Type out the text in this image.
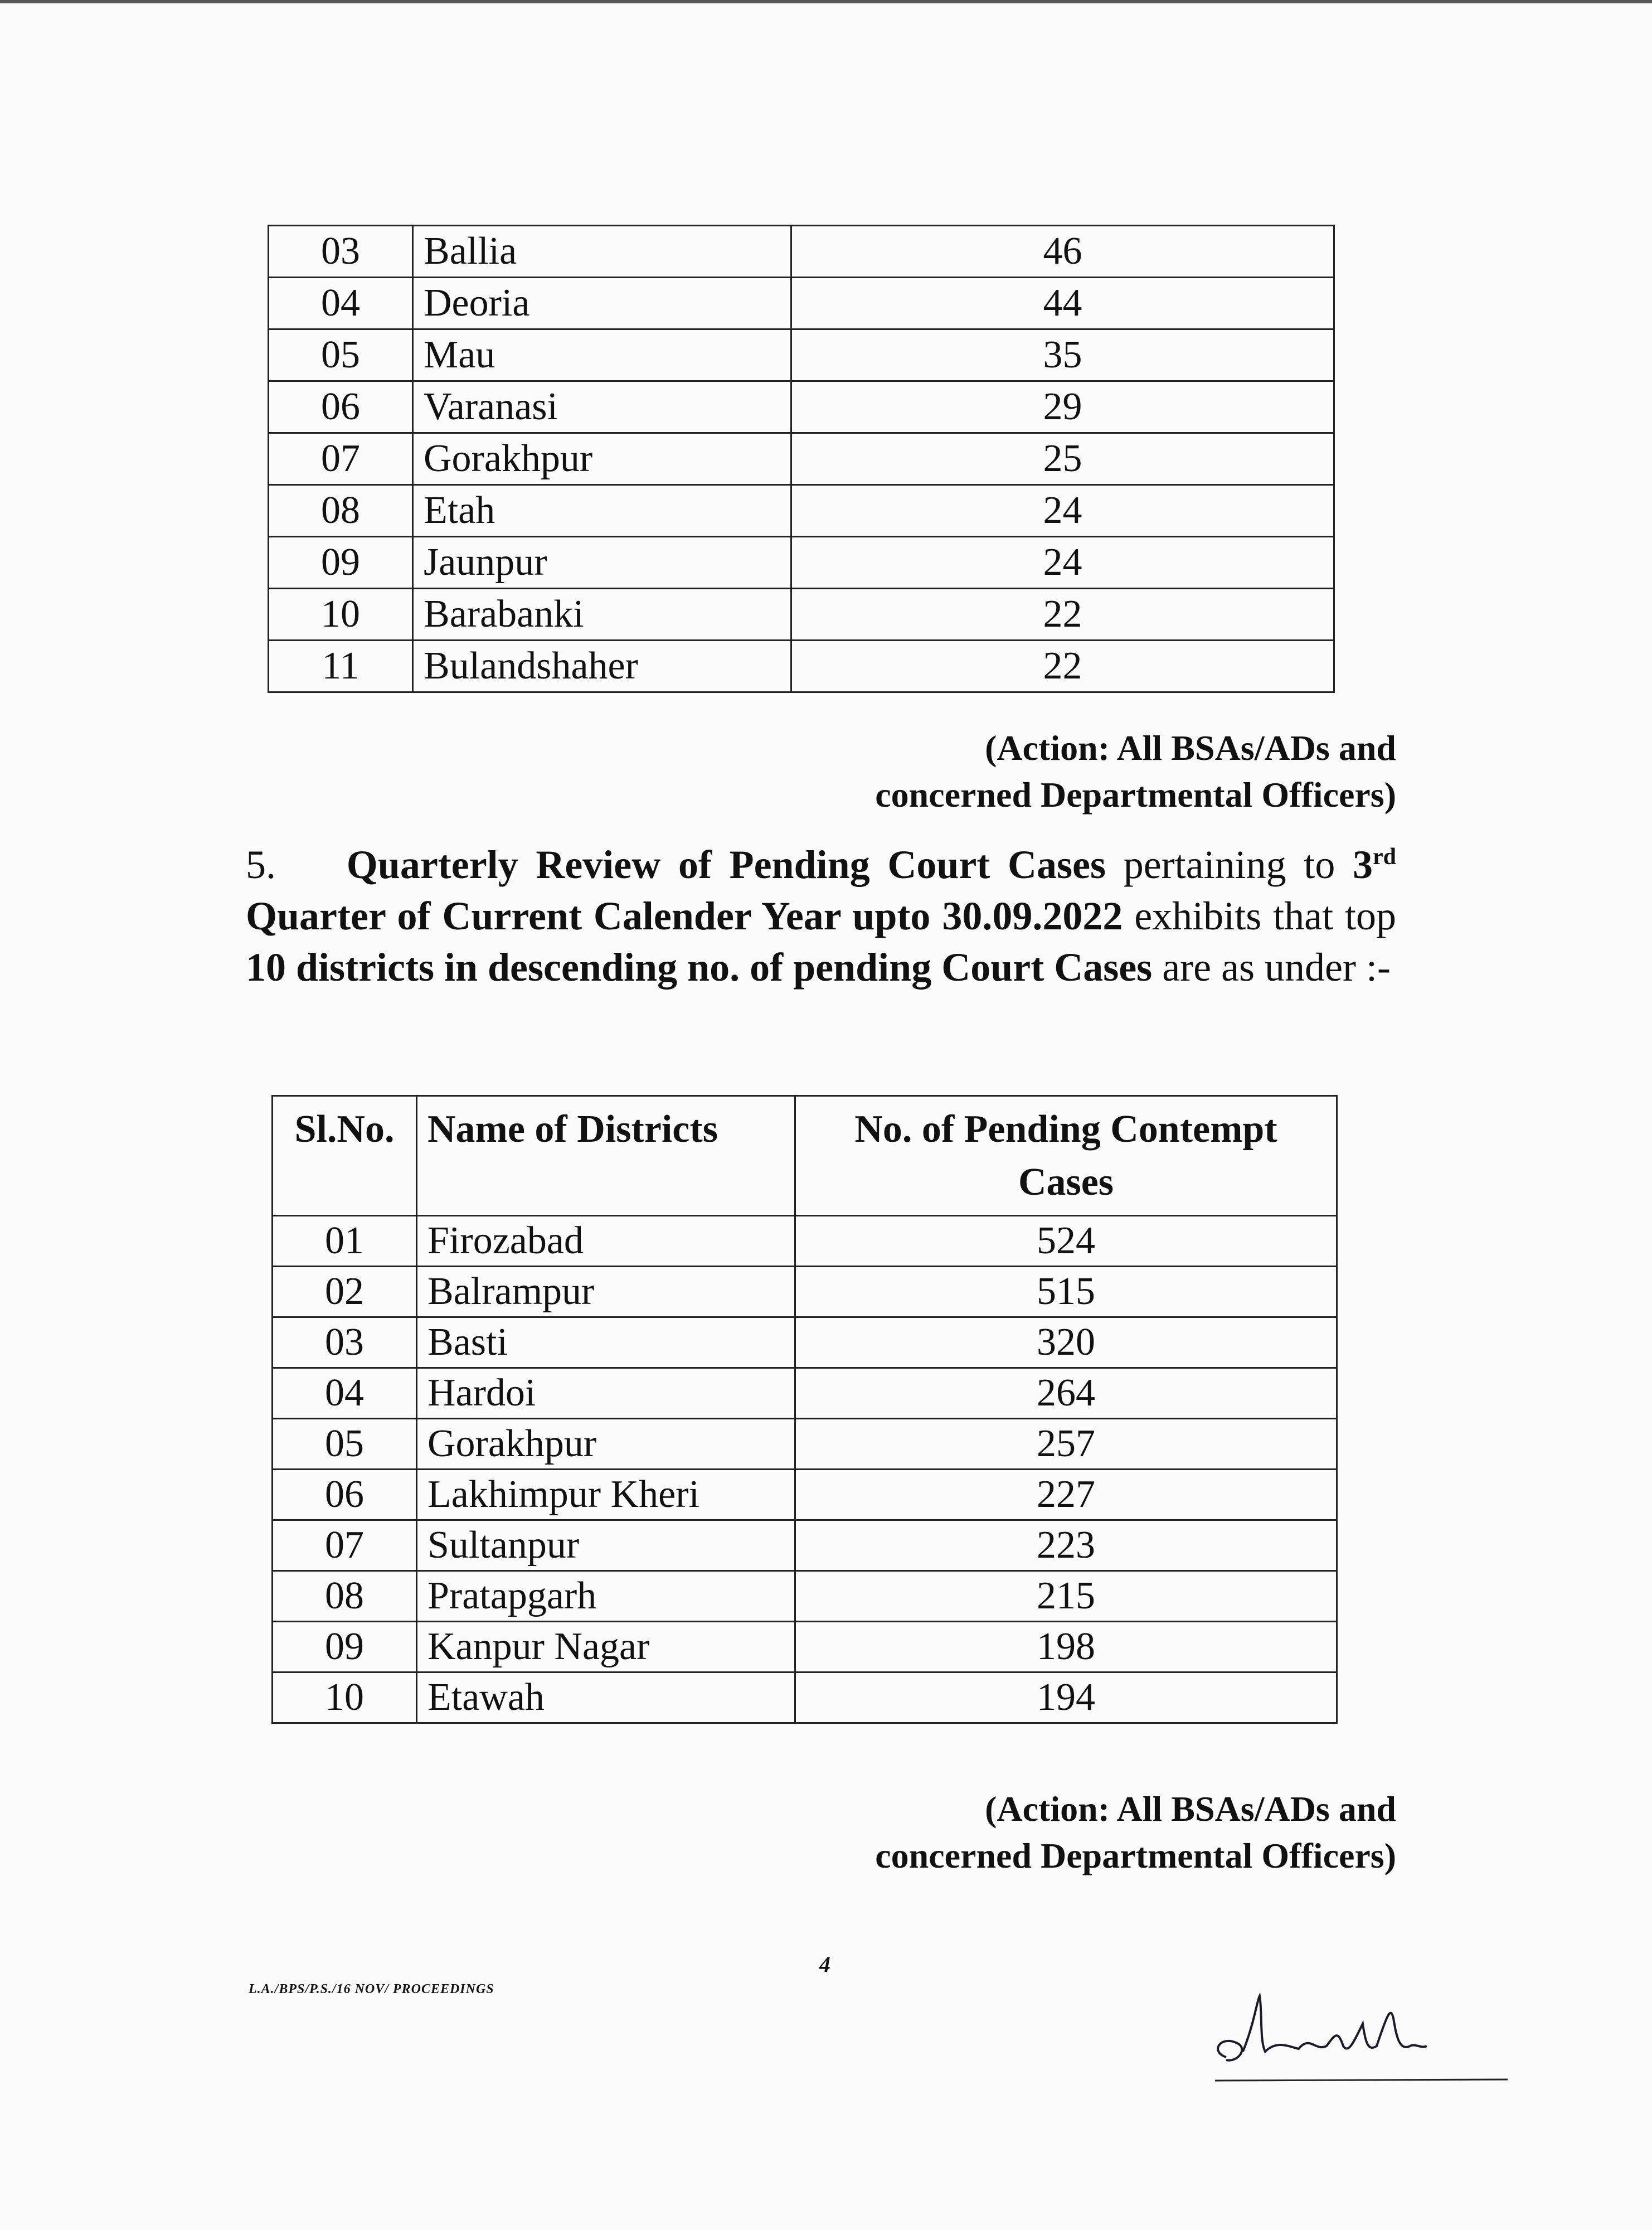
03	Ballia	46
04	Deoria	44
05	Mau	35
06	Varanasi	29
07	Gorakhpur	25
08	Etah	24
09	Jaunpur	24
10	Barabanki	22
11	Bulandshaher	22
(Action: All BSAs/ADs and
concerned Departmental Officers)
5. Quarterly Review of Pending Court Cases pertaining to 3rd Quarter of Current Calender Year upto 30.09.2022 exhibits that top 10 districts in descending no. of pending Court Cases are as under :-
Sl.No.	Name of Districts	No. of Pending Contempt Cases
01	Firozabad	524
02	Balrampur	515
03	Basti	320
04	Hardoi	264
05	Gorakhpur	257
06	Lakhimpur Kheri	227
07	Sultanpur	223
08	Pratapgarh	215
09	Kanpur Nagar	198
10	Etawah	194
(Action: All BSAs/ADs and
concerned Departmental Officers)
4
L.A./BPS/P.S./16 NOV/ PROCEEDINGS
